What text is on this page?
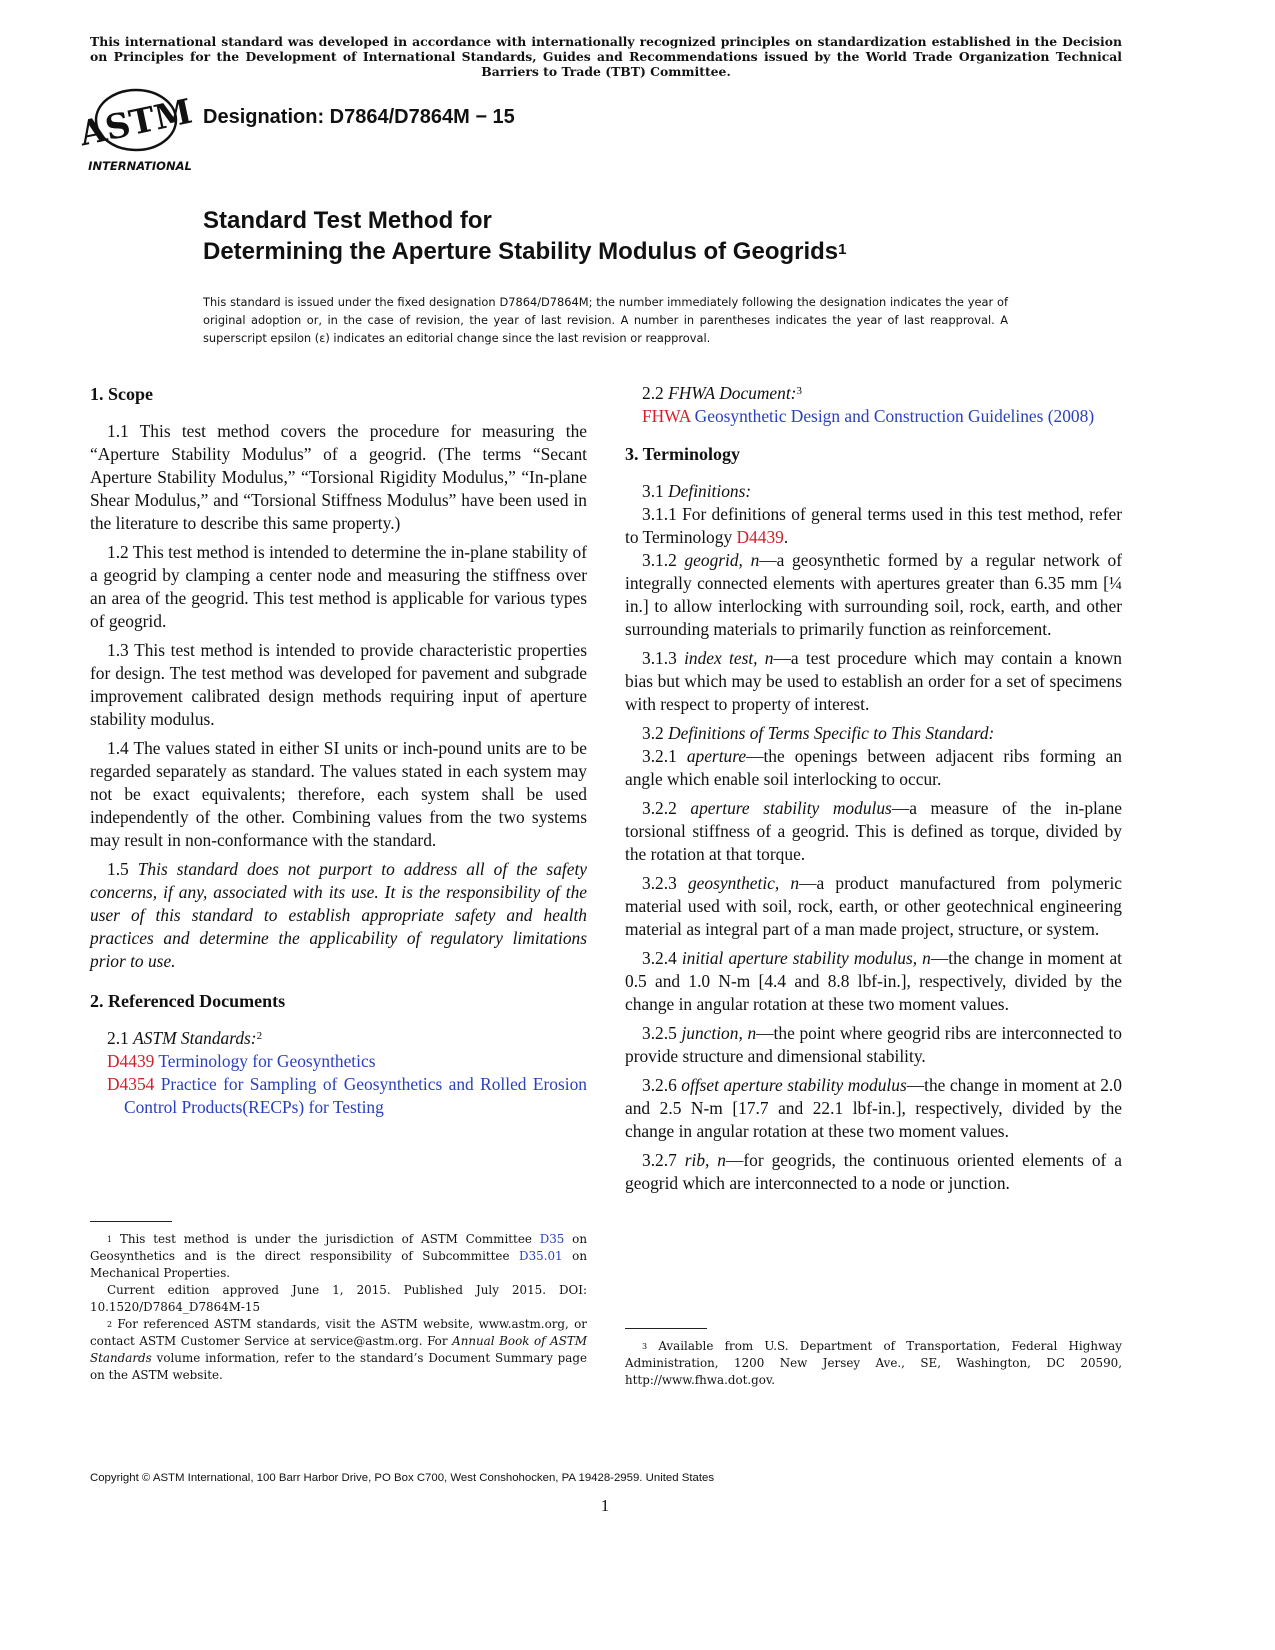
This international standard was developed in accordance with internationally recognized principles on standardization established in the Decision on Principles for the Development of International Standards, Guides and Recommendations issued by the World Trade Organization Technical Barriers to Trade (TBT) Committee.
ASTM
INTERNATIONAL
Designation: D7864/D7864M − 15
Standard Test Method for
Determining the Aperture Stability Modulus of Geogrids$^1$
This standard is issued under the fixed designation D7864/D7864M; the number immediately following the designation indicates the year of original adoption or, in the case of revision, the year of last revision. A number in parentheses indicates the year of last reapproval. A superscript epsilon (ε) indicates an editorial change since the last revision or reapproval.
1. Scope

1.1 This test method covers the procedure for measuring the “Aperture Stability Modulus” of a geogrid. (The terms “Secant Aperture Stability Modulus,” “Torsional Rigidity Modulus,” “In-plane Shear Modulus,” and “Torsional Stiffness Modulus” have been used in the literature to describe this same property.)

1.2 This test method is intended to determine the in-plane stability of a geogrid by clamping a center node and measuring the stiffness over an area of the geogrid. This test method is applicable for various types of geogrid.

1.3 This test method is intended to provide characteristic properties for design. The test method was developed for pavement and subgrade improvement calibrated design methods requiring input of aperture stability modulus.

1.4 The values stated in either SI units or inch-pound units are to be regarded separately as standard. The values stated in each system may not be exact equivalents; therefore, each system shall be used independently of the other. Combining values from the two systems may result in non-conformance with the standard.

1.5 This standard does not purport to address all of the safety concerns, if any, associated with its use. It is the responsibility of the user of this standard to establish appropriate safety and health practices and determine the applicability of regulatory limitations prior to use.

2. Referenced Documents

2.1 ASTM Standards:$^2$

D4439 Terminology for Geosynthetics

D4354 Practice for Sampling of Geosynthetics and Rolled Erosion Control Products(RECPs) for Testing

$^1$ This test method is under the jurisdiction of ASTM Committee D35 on Geosynthetics and is the direct responsibility of Subcommittee D35.01 on Mechanical Properties.

Current edition approved June 1, 2015. Published July 2015. DOI: 10.1520/D7864_D7864M-15

$^2$ For referenced ASTM standards, visit the ASTM website, www.astm.org, or contact ASTM Customer Service at service@astm.org. For Annual Book of ASTM Standards volume information, refer to the standard’s Document Summary page on the ASTM website.

2.2 FHWA Document:$^3$

FHWA Geosynthetic Design and Construction Guidelines (2008)

3. Terminology

3.1 Definitions:

3.1.1 For definitions of general terms used in this test method, refer to Terminology D4439.

3.1.2 geogrid, n—a geosynthetic formed by a regular network of integrally connected elements with apertures greater than 6.35 mm [¼ in.] to allow interlocking with surrounding soil, rock, earth, and other surrounding materials to primarily function as reinforcement.

3.1.3 index test, n—a test procedure which may contain a known bias but which may be used to establish an order for a set of specimens with respect to property of interest.

3.2 Definitions of Terms Specific to This Standard:

3.2.1 aperture—the openings between adjacent ribs forming an angle which enable soil interlocking to occur.

3.2.2 aperture stability modulus—a measure of the in-plane torsional stiffness of a geogrid. This is defined as torque, divided by the rotation at that torque.

3.2.3 geosynthetic, n—a product manufactured from polymeric material used with soil, rock, earth, or other geotechnical engineering material as integral part of a man made project, structure, or system.

3.2.4 initial aperture stability modulus, n—the change in moment at 0.5 and 1.0 N-m [4.4 and 8.8 lbf-in.], respectively, divided by the change in angular rotation at these two moment values.

3.2.5 junction, n—the point where geogrid ribs are interconnected to provide structure and dimensional stability.

3.2.6 offset aperture stability modulus—the change in moment at 2.0 and 2.5 N-m [17.7 and 22.1 lbf-in.], respectively, divided by the change in angular rotation at these two moment values.

3.2.7 rib, n—for geogrids, the continuous oriented elements of a geogrid which are interconnected to a node or junction.

$^3$ Available from U.S. Department of Transportation, Federal Highway Administration, 1200 New Jersey Ave., SE, Washington, DC 20590, http://www.fhwa.dot.gov.

Copyright © ASTM International, 100 Barr Harbor Drive, PO Box C700, West Conshohocken, PA 19428-2959. United States
1
